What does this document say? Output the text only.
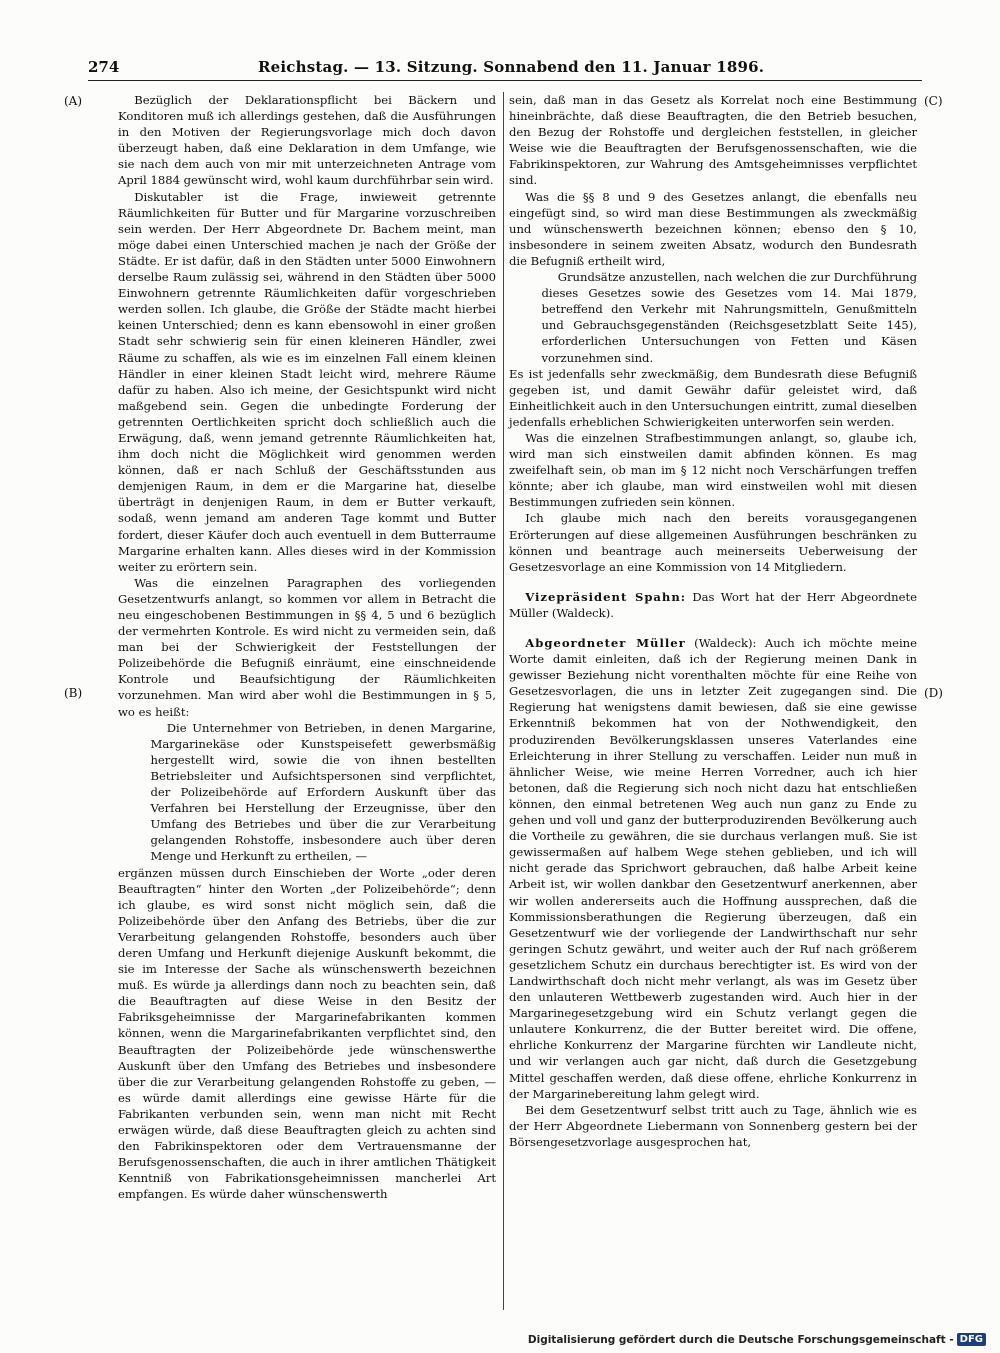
274	Reichstag. — 13. Sitzung. Sonnabend den 11. Januar 1896.
(A)
(B)
(C)
(D)

Bezüglich der Deklarationspflicht bei Bäckern und Konditoren muß ich allerdings gestehen, daß die Ausführungen in den Motiven der Regierungsvorlage mich doch davon überzeugt haben, daß eine Deklaration in dem Umfange, wie sie nach dem auch von mir mit unterzeichneten Antrage vom April 1884 gewünscht wird, wohl kaum durchführbar sein wird.

Diskutabler ist die Frage, inwieweit getrennte Räumlichkeiten für Butter und für Margarine vorzuschreiben sein werden. Der Herr Abgeordnete Dr. Bachem meint, man möge dabei einen Unterschied machen je nach der Größe der Städte. Er ist dafür, daß in den Städten unter 5000 Einwohnern derselbe Raum zulässig sei, während in den Städten über 5000 Einwohnern getrennte Räumlichkeiten dafür vorgeschrieben werden sollen. Ich glaube, die Größe der Städte macht hierbei keinen Unterschied; denn es kann ebensowohl in einer großen Stadt sehr schwierig sein für einen kleineren Händler, zwei Räume zu schaffen, als wie es im einzelnen Fall einem kleinen Händler in einer kleinen Stadt leicht wird, mehrere Räume dafür zu haben. Also ich meine, der Gesichtspunkt wird nicht maßgebend sein. Gegen die unbedingte Forderung der getrennten Oertlichkeiten spricht doch schließlich auch die Erwägung, daß, wenn jemand getrennte Räumlichkeiten hat, ihm doch nicht die Möglichkeit wird genommen werden können, daß er nach Schluß der Geschäftsstunden aus demjenigen Raum, in dem er die Margarine hat, dieselbe überträgt in denjenigen Raum, in dem er Butter verkauft, sodaß, wenn jemand am anderen Tage kommt und Butter fordert, dieser Käufer doch auch eventuell in dem Butterraume Margarine erhalten kann. Alles dieses wird in der Kommission weiter zu erörtern sein.

Was die einzelnen Paragraphen des vorliegenden Gesetzentwurfs anlangt, so kommen vor allem in Betracht die neu eingeschobenen Bestimmungen in §§ 4, 5 und 6 bezüglich der vermehrten Kontrole. Es wird nicht zu vermeiden sein, daß man bei der Schwierigkeit der Feststellungen der Polizeibehörde die Befugniß einräumt, eine einschneidende Kontrole und Beaufsichtigung der Räumlichkeiten vorzunehmen. Man wird aber wohl die Bestimmungen in § 5, wo es heißt:

Die Unternehmer von Betrieben, in denen Margarine, Margarinekäse oder Kunstspeisefett gewerbsmäßig hergestellt wird, sowie die von ihnen bestellten Betriebsleiter und Aufsichtspersonen sind verpflichtet, der Polizeibehörde auf Erfordern Auskunft über das Verfahren bei Herstellung der Erzeugnisse, über den Umfang des Betriebes und über die zur Verarbeitung gelangenden Rohstoffe, insbesondere auch über deren Menge und Herkunft zu ertheilen, —

ergänzen müssen durch Einschieben der Worte „oder deren Beauftragten“ hinter den Worten „der Polizeibehörde“; denn ich glaube, es wird sonst nicht möglich sein, daß die Polizeibehörde über den Anfang des Betriebs, über die zur Verarbeitung gelangenden Rohstoffe, besonders auch über deren Umfang und Herkunft diejenige Auskunft bekommt, die sie im Interesse der Sache als wünschenswerth bezeichnen muß. Es würde ja allerdings dann noch zu beachten sein, daß die Beauftragten auf diese Weise in den Besitz der Fabriksgeheimnisse der Margarinefabrikanten kommen können, wenn die Margarinefabrikanten verpflichtet sind, den Beauftragten der Polizeibehörde jede wünschenswerthe Auskunft über den Umfang des Betriebes und insbesondere über die zur Verarbeitung gelangenden Rohstoffe zu geben, — es würde damit allerdings eine gewisse Härte für die Fabrikanten verbunden sein, wenn man nicht mit Recht erwägen würde, daß diese Beauftragten gleich zu achten sind den Fabrikinspektoren oder dem Vertrauensmanne der Berufsgenossenschaften, die auch in ihrer amtlichen Thätigkeit Kenntniß von Fabrikationsgeheimnissen mancherlei Art empfangen. Es würde daher wünschenswerth

sein, daß man in das Gesetz als Korrelat noch eine Bestimmung hineinbrächte, daß diese Beauftragten, die den Betrieb besuchen, den Bezug der Rohstoffe und dergleichen feststellen, in gleicher Weise wie die Beauftragten der Berufsgenossenschaften, wie die Fabrikinspektoren, zur Wahrung des Amtsgeheimnisses verpflichtet sind.

Was die §§ 8 und 9 des Gesetzes anlangt, die ebenfalls neu eingefügt sind, so wird man diese Bestimmungen als zweckmäßig und wünschenswerth bezeichnen können; ebenso den § 10, insbesondere in seinem zweiten Absatz, wodurch den Bundesrath die Befugniß ertheilt wird,

Grundsätze anzustellen, nach welchen die zur Durchführung dieses Gesetzes sowie des Gesetzes vom 14. Mai 1879, betreffend den Verkehr mit Nahrungsmitteln, Genußmitteln und Gebrauchsgegenständen (Reichsgesetzblatt Seite 145), erforderlichen Untersuchungen von Fetten und Käsen vorzunehmen sind.

Es ist jedenfalls sehr zweckmäßig, dem Bundesrath diese Befugniß gegeben ist, und damit Gewähr dafür geleistet wird, daß Einheitlichkeit auch in den Untersuchungen eintritt, zumal dieselben jedenfalls erheblichen Schwierigkeiten unterworfen sein werden.

Was die einzelnen Strafbestimmungen anlangt, so, glaube ich, wird man sich einstweilen damit abfinden können. Es mag zweifelhaft sein, ob man im § 12 nicht noch Verschärfungen treffen könnte; aber ich glaube, man wird einstweilen wohl mit diesen Bestimmungen zufrieden sein können.

Ich glaube mich nach den bereits vorausgegangenen Erörterungen auf diese allgemeinen Ausführungen beschränken zu können und beantrage auch meinerseits Ueberweisung der Gesetzesvorlage an eine Kommission von 14 Mitgliedern.

Vizepräsident Spahn: Das Wort hat der Herr Abgeordnete Müller (Waldeck).

Abgeordneter Müller (Waldeck): Auch ich möchte meine Worte damit einleiten, daß ich der Regierung meinen Dank in gewisser Beziehung nicht vorenthalten möchte für eine Reihe von Gesetzesvorlagen, die uns in letzter Zeit zugegangen sind. Die Regierung hat wenigstens damit bewiesen, daß sie eine gewisse Erkenntniß bekommen hat von der Nothwendigkeit, den produzirenden Bevölkerungsklassen unseres Vaterlandes eine Erleichterung in ihrer Stellung zu verschaffen. Leider nun muß in ähnlicher Weise, wie meine Herren Vorredner, auch ich hier betonen, daß die Regierung sich noch nicht dazu hat entschließen können, den einmal betretenen Weg auch nun ganz zu Ende zu gehen und voll und ganz der butterproduzirenden Bevölkerung auch die Vortheile zu gewähren, die sie durchaus verlangen muß. Sie ist gewissermaßen auf halbem Wege stehen geblieben, und ich will nicht gerade das Sprichwort gebrauchen, daß halbe Arbeit keine Arbeit ist, wir wollen dankbar den Gesetzentwurf anerkennen, aber wir wollen andererseits auch die Hoffnung aussprechen, daß die Kommissionsberathungen die Regierung überzeugen, daß ein Gesetzentwurf wie der vorliegende der Landwirthschaft nur sehr geringen Schutz gewährt, und weiter auch der Ruf nach größerem gesetzlichem Schutz ein durchaus berechtigter ist. Es wird von der Landwirthschaft doch nicht mehr verlangt, als was im Gesetz über den unlauteren Wettbewerb zugestanden wird. Auch hier in der Margarinegesetzgebung wird ein Schutz verlangt gegen die unlautere Konkurrenz, die der Butter bereitet wird. Die offene, ehrliche Konkurrenz der Margarine fürchten wir Landleute nicht, und wir verlangen auch gar nicht, daß durch die Gesetzgebung Mittel geschaffen werden, daß diese offene, ehrliche Konkurrenz in der Margarinebereitung lahm gelegt wird.

Bei dem Gesetzentwurf selbst tritt auch zu Tage, ähnlich wie es der Herr Abgeordnete Liebermann von Sonnenberg gestern bei der Börsengesetzvorlage ausgesprochen hat,

Digitalisierung gefördert durch die Deutsche Forschungsgemeinschaft - DFG
